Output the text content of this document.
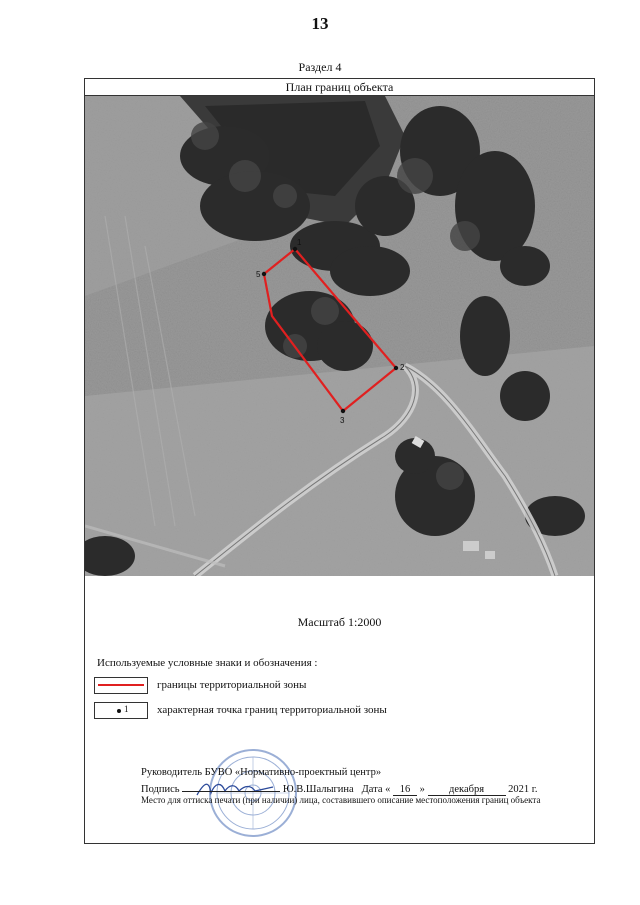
13
Раздел 4
План границ объекта
1
2
3
5
Масштаб 1:2000
Используемые условные знаки и обозначения :
границы территориальной зоны
1	характерная точка границ территориальной зоны
Руководитель БУВО «Нормативно-проектный центр»
Подпись	Ю.В.Шалыгина Дата « 16 » декабря 2021 г.
Место для оттиска печати (при наличии) лица, составившего описание местоположения границ объекта
